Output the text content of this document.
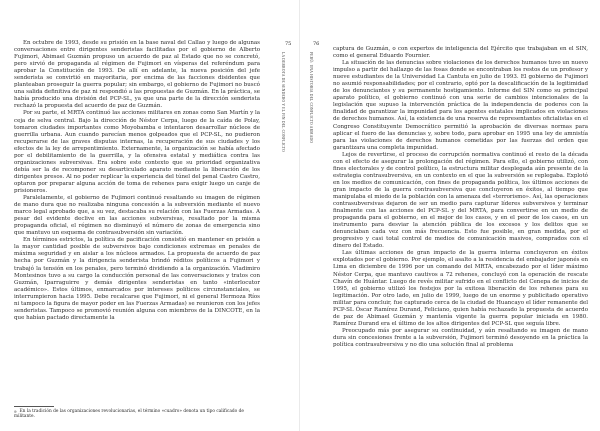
En octubre de 1993, desde su prisión en la base naval del Callao y luego de algunas conversaciones entre dirigentes senderistas facilitadas por el gobierno de Alberto Fujimori, Abimael Guzmán propuso un acuerdo de paz al Estado que no se concretó, pero sirvió de propaganda al régimen de Fujimori en vísperas del referéndum para aprobar la Constitución de 1993. De allí en adelante, la nueva posición del jefe senderista se convirtió en mayoritaria, por encima de las facciones disidentes que planteaban proseguir la guerra popular; sin embargo, el gobierno de Fujimori no buscó una salida definitiva de paz ni respondió a las propuestas de Guzmán. En la práctica, se había producido una división del PCP-SL, ya que una parte de la dirección senderista rechazó la propuesta del acuerdo de paz de Guzmán.

Por su parte, el MRTA continuó las acciones militares en zonas como San Martín y la ceja de selva central. Bajo la dirección de Néstor Cerpa, luego de la caída de Polay, tomaron ciudades importantes como Moyobamba e intentaron desarrollar núcleos de guerrilla urbana. Aun cuando parecían menos golpeados que el PCP-SL, no pudieron recuperarse de las graves disputas internas, la recuperación de sus ciudades y los efectos de la ley de arrepentimiento. Externamente, la organización se había afectado por el debilitamiento de la guerrilla, y la ofensiva estatal y mediática contra las organizaciones subversivas. Era sobre este contexto que su prioridad organizativa debía ser la de recomponer su desarticulado aparato mediante la liberación de los dirigentes presos. Al no poder replicar la experiencia del túnel del penal Castro Castro, optaron por preparar alguna acción de toma de rehenes para exigir luego un canje de prisioneros.

Paralelamente, el gobierno de Fujimori continuó resaltando su imagen de régimen de mano dura que no realizaba ninguna concesión a la subversión mediante el nuevo marco legal aprobado que, a su vez, destacaba su relación con las Fuerzas Armadas. A pesar del evidente declive en las acciones subversivas, resaltado por la misma propaganda oficial, el régimen no disminuyó el número de zonas de emergencia sino que mantuvo un esquema de contrasubversión sin variación.

En términos estrictos, la política de pacificación consistió en mantener en prisión a la mayor cantidad posible de subversivos bajo condiciones extremas en penales de máxima seguridad y en aislar a los núcleos armados. La propuesta de acuerdo de paz hecha por Guzmán y la dirigencia senderista brindó réditos políticos a Fujimori y trabajó la tensión en los penales, pero terminó dividiendo a la organización. Vladimiro Montesinos tuvo a su cargo la conducción personal de las conversaciones y tratos con Guzmán, Iparraguirre y demás dirigentes senderistas en tanto «interlocutor académico». Estos últimos, enmarcados por intereses políticos circunstanciales, se interrumpieron hacia 1995. Debe recalcarse que Fujimori, ni el general Hermoza Ríos ni tampoco la figura de mayor poder en las Fuerzas Armadas) se reunieron con los jefes senderistas. Tampoco se promovió reunión alguna con miembros de la DINCOTE, en la que habían pactado directamente la

75
LA DERROTA DE SENDERO Y EL FIN DEL CONFLICTO
9 En la tradición de las organizaciones revolucionarias, el término «cuadro» denota un tipo calificado de militante.
76
PERÚ: UNA HISTORIA DEL CONFLICTO ARMADO

captura de Guzmán, o con expertos de inteligencia del Ejército que trabajaban en el SIN, como el general Eduardo Fournier.

La situación de las denuncias sobre violaciones de los derechos humanos tuvo un nuevo impulso a partir del hallazgo de las fosas donde se encontraban los restos de un profesor y nueve estudiantes de la Universidad La Cantuta en julio de 1993. El gobierno de Fujimori no asumió responsabilidades; por el contrario, optó por la descalificación de la legitimidad de los denunciantes y su permanente hostigamiento. Informe del SIN como su principal aparato político, el gobierno continuó con una serie de cambios intencionales de la legislación que supuso la intervención práctica de la independencia de poderes con la finalidad de garantizar la impunidad para los agentes estatales implicados en violaciones de derechos humanos. Así, la existencia de una reserva de representantes oficialistas en el Congreso Constituyente Democrático permitió la aprobación de diversas normas para aplicar el fuero de las denuncias y, sobre todo, para aprobar en 1995 una ley de amnistía para las violaciones de derechos humanos cometidas por las fuerzas del orden que garantizara una completa impunidad.

Lejos de revertirse, el proceso de corrupción normativa continuó el resto de la década con el efecto de asegurar la prolongación del régimen. Para ello, el gobierno utilizó, con fines electorales y de control político, la estructura militar desplegada aún presente de la estrategia contrasubversiva, en un contexto en el que la subversión se replegaba. Explotó en los medios de comunicación, con fines de propaganda política, los últimos acciones de gran impacto de la guerra contrasubversiva que concluyeron en éxitos, al tiempo que manipulaba el miedo de la población con la amenaza del «terrorismo». Así, las operaciones contrasubversivas dejaron de ser un medio para capturar líderes subversivos y terminar finalmente con las acciones del PCP-SL y del MRTA, para convertirse en un medio de propaganda para el gobierno, en el mejor de los casos, y en el peor de los casos, en un instrumento para desviar la atención pública de los excesos y los delitos que se denunciaban cada vez con más frecuencia. Esto fue posible, en gran medida, por el progresivo y casi total control de medios de comunicación masivos, comprados con el dinero del Estado.

Las últimas acciones de gran impacto de la guerra interna concluyeron en éxitos explotados por el gobierno. Por ejemplo, el asalto a la residencia del embajador japonés en Lima en diciembre de 1996 por un comando del MRTA, encabezado por el líder máximo Néstor Cerpa, que mantuvo cautivos a 72 rehenes, concluyó con la operación de rescate Chavín de Huántar. Luego de revés militar sufrido en el conflicto del Cenepa de inicios de 1995, el gobierno utilizó los festejos por la exitosa liberación de los rehenes para su legitimación. Por otro lado, en julio de 1999, luego de un enorme y publicitado operativo militar para concluir, fue capturado cerca de la ciudad de Huancayo el líder remanente del PCP-SL Óscar Ramírez Durand, Feliciano, quien había rechazado la propuesta de acuerdo de paz de Abimael Guzmán y mantenía vigente la guerra popular iniciada en 1980. Ramírez Durand era el último de los altos dirigentes del PCP-SL que seguía libre.

Preocupado más por asegurar su continuidad, y aún resaltando su imagen de mano dura sin concesiones frente a la subversión, Fujimori terminó desoyendo en la práctica la política contrasubversiva y no dio una solución final al problema
